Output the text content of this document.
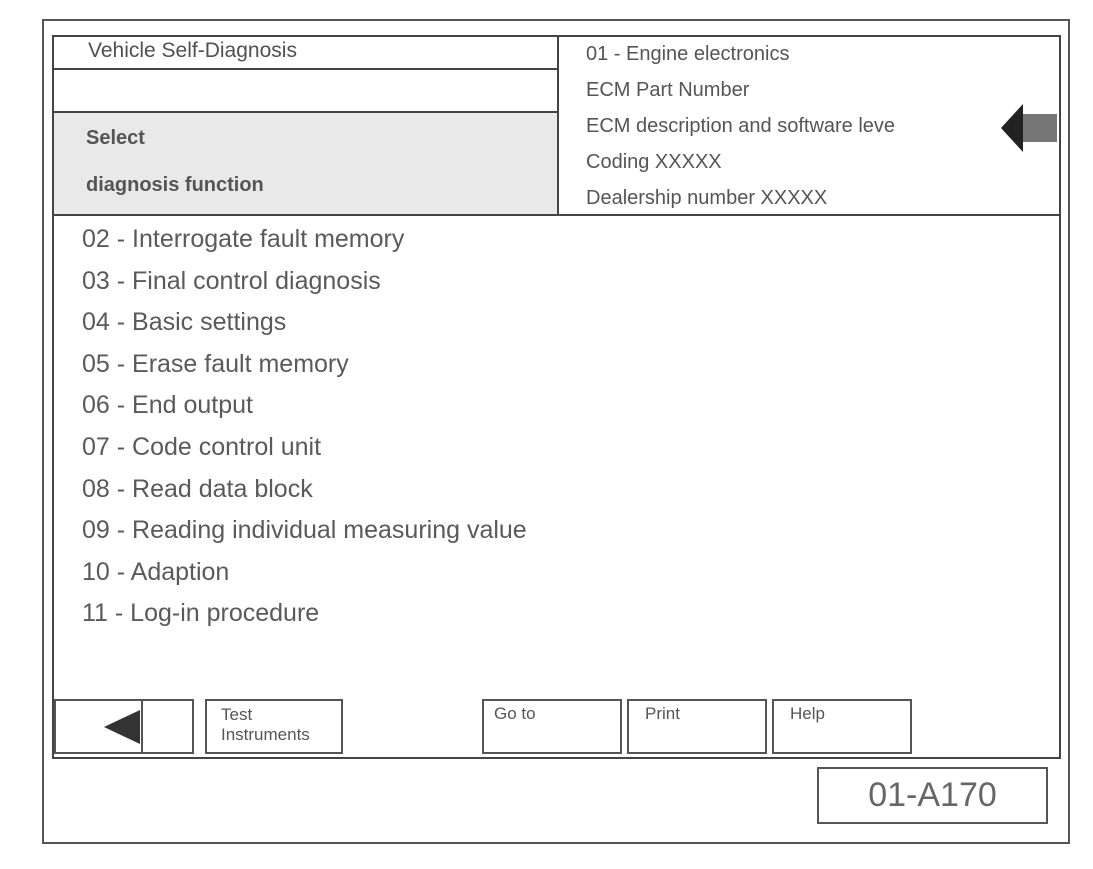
Vehicle Self-Diagnosis
Select
diagnosis function
01 - Engine electronics
ECM Part Number
ECM description and software leve
Coding XXXXX
Dealership number XXXXX
02 - Interrogate fault memory
03 - Final control diagnosis
04 - Basic settings
05 - Erase fault memory
06 - End output
07 - Code control unit
08 - Read data block
09 - Reading individual measuring value
10 - Adaption
11 - Log-in procedure
Test
Instruments
Go to	Print	Help
01-A170
